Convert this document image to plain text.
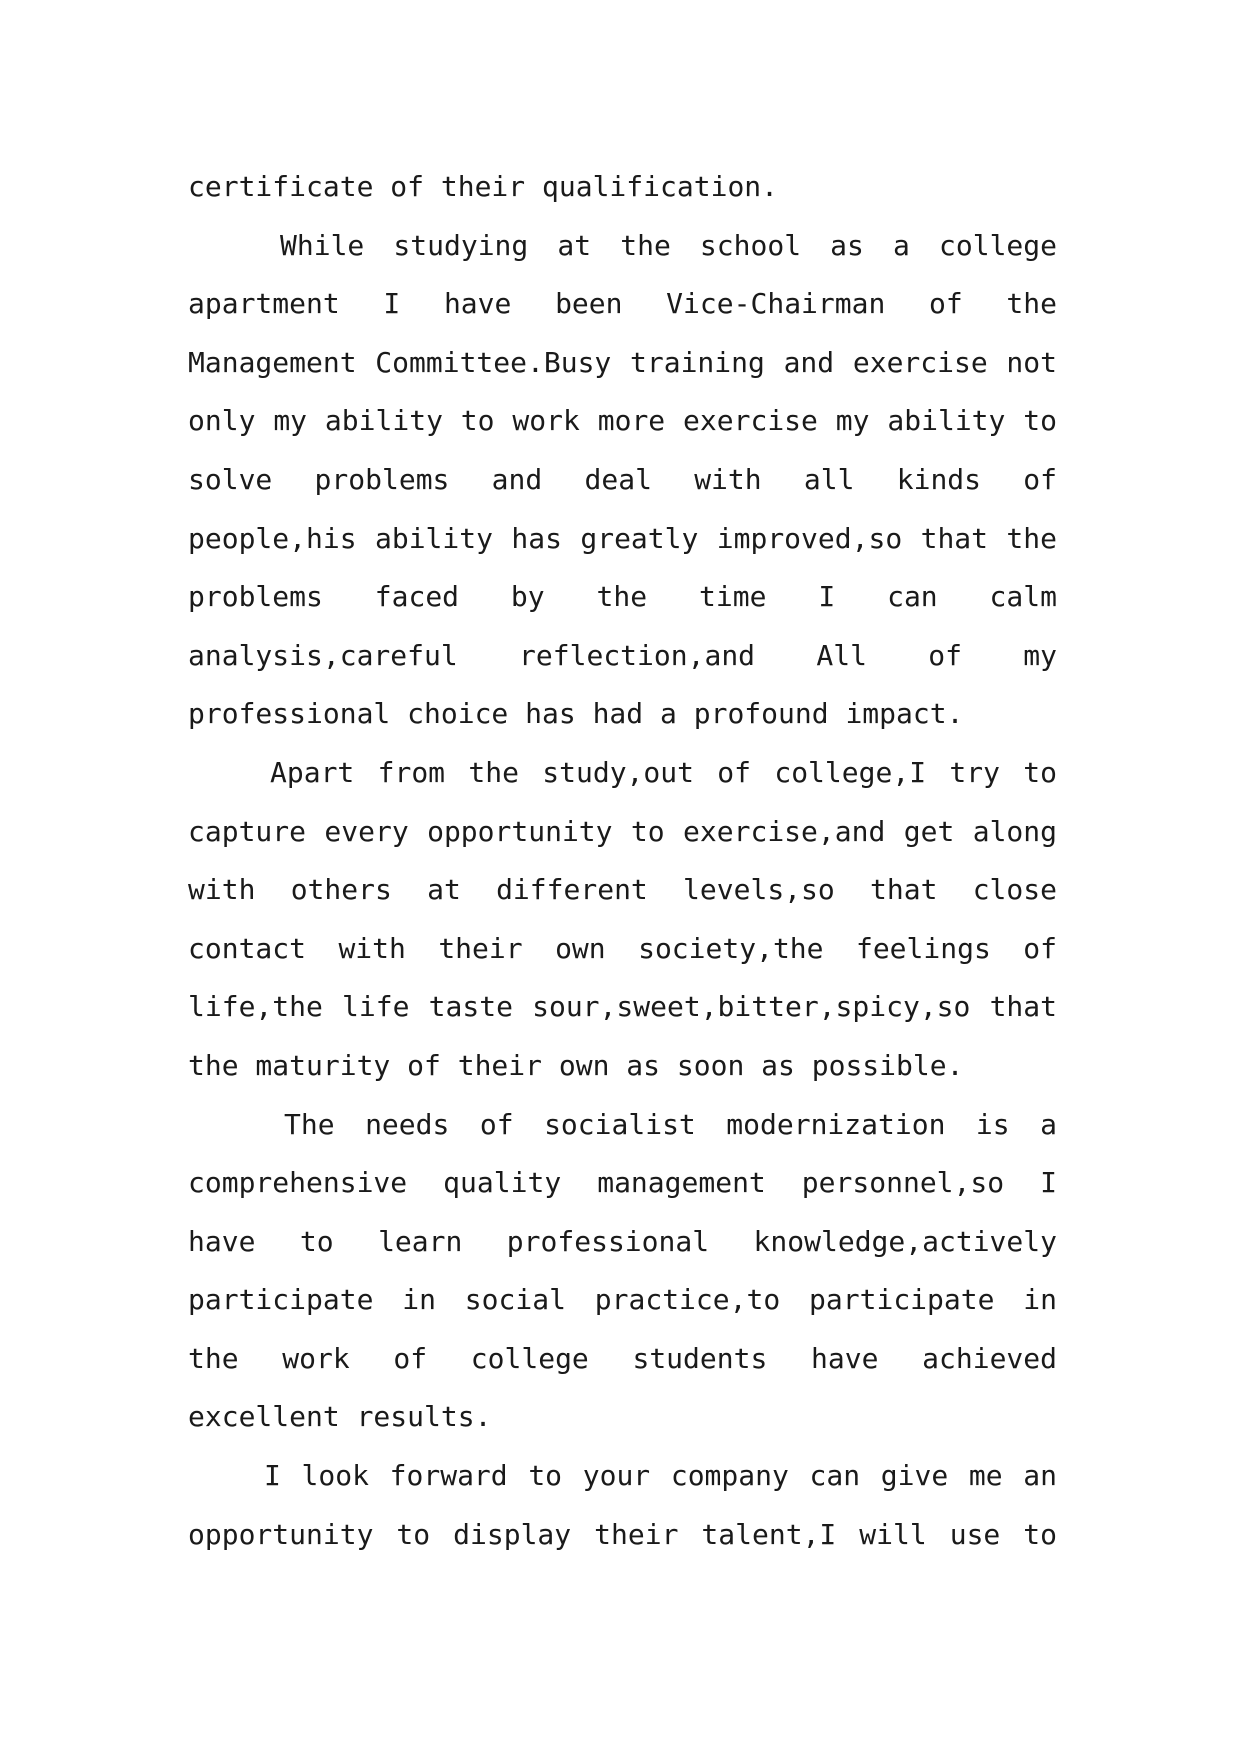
certificate of their qualification.
While studying at the school as a college
apartment I have been Vice-Chairman of the
Management Committee.Busy training and exercise not
only my ability to work more exercise my ability to
solve problems and deal with all kinds of
people,his ability has greatly improved,so that the
problems faced by the time I can calm
analysis,careful reflection,and All of my
professional choice has had a profound impact.
Apart from the study,out of college,I try to
capture every opportunity to exercise,and get along
with others at different levels,so that close
contact with their own society,the feelings of
life,the life taste sour,sweet,bitter,spicy,so that
the maturity of their own as soon as possible.
The needs of socialist modernization is a
comprehensive quality management personnel,so I
have to learn professional knowledge,actively
participate in social practice,to participate in
the work of college students have achieved
excellent results.
I look forward to your company can give me an
opportunity to display their talent,I will use to
